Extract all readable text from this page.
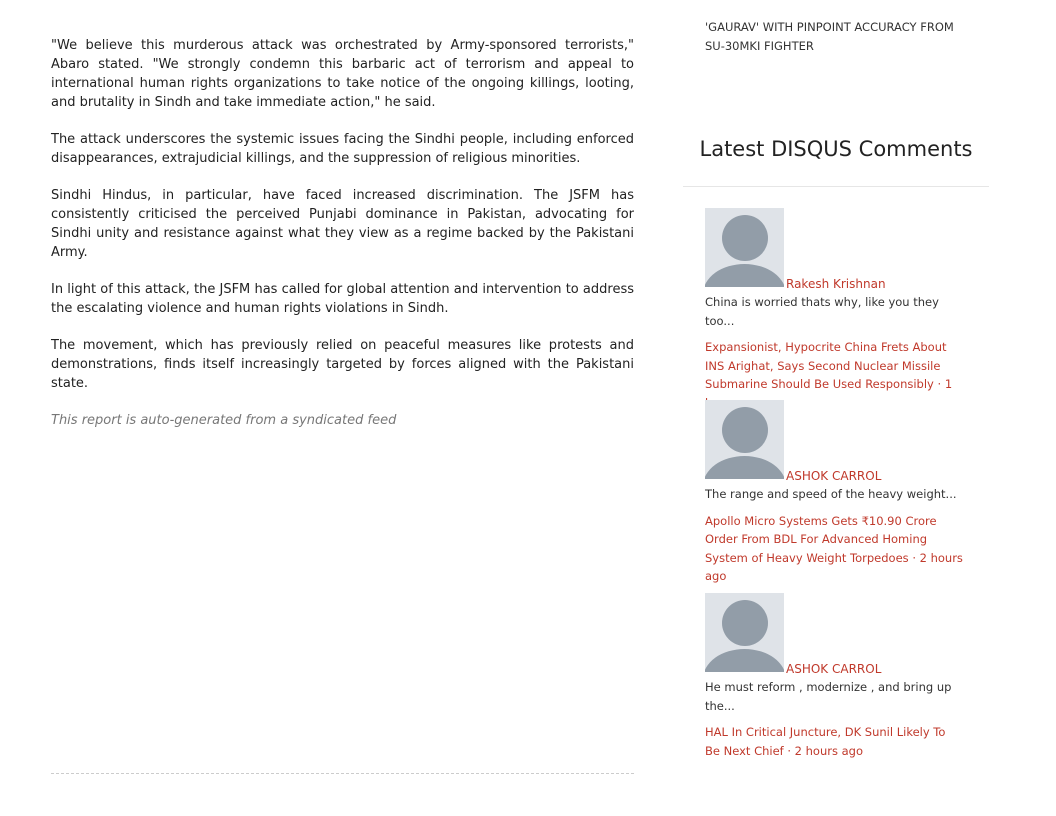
"We believe this murderous attack was orchestrated by Army-sponsored terrorists," Abaro stated. "We strongly condemn this barbaric act of terrorism and appeal to international human rights organizations to take notice of the ongoing killings, looting, and brutality in Sindh and take immediate action," he said.

The attack underscores the systemic issues facing the Sindhi people, including enforced disappearances, extrajudicial killings, and the suppression of religious minorities.

Sindhi Hindus, in particular, have faced increased discrimination. The JSFM has consistently criticised the perceived Punjabi dominance in Pakistan, advocating for Sindhi unity and resistance against what they view as a regime backed by the Pakistani Army.

In light of this attack, the JSFM has called for global attention and intervention to address the escalating violence and human rights violations in Sindh.

The movement, which has previously relied on peaceful measures like protests and demonstrations, finds itself increasingly targeted by forces aligned with the Pakistani state.

This report is auto-generated from a syndicated feed

'GAURAV' WITH PINPOINT ACCURACY FROM SU-30MKI FIGHTER
Latest DISQUS Comments
Rakesh Krishnan
China is worried thats why, like you they too...
Expansionist, Hypocrite China Frets About INS Arighat, Says Second Nuclear Missile Submarine Should Be Used Responsibly · 1
ASHOK CARROL
The range and speed of the heavy weight...
Apollo Micro Systems Gets ₹10.90 Crore Order From BDL For Advanced Homing System of Heavy Weight Torpedoes · 2 hours ago
ASHOK CARROL
He must reform , modernize , and bring up the...
HAL In Critical Juncture, DK Sunil Likely To Be Next Chief · 2 hours ago
